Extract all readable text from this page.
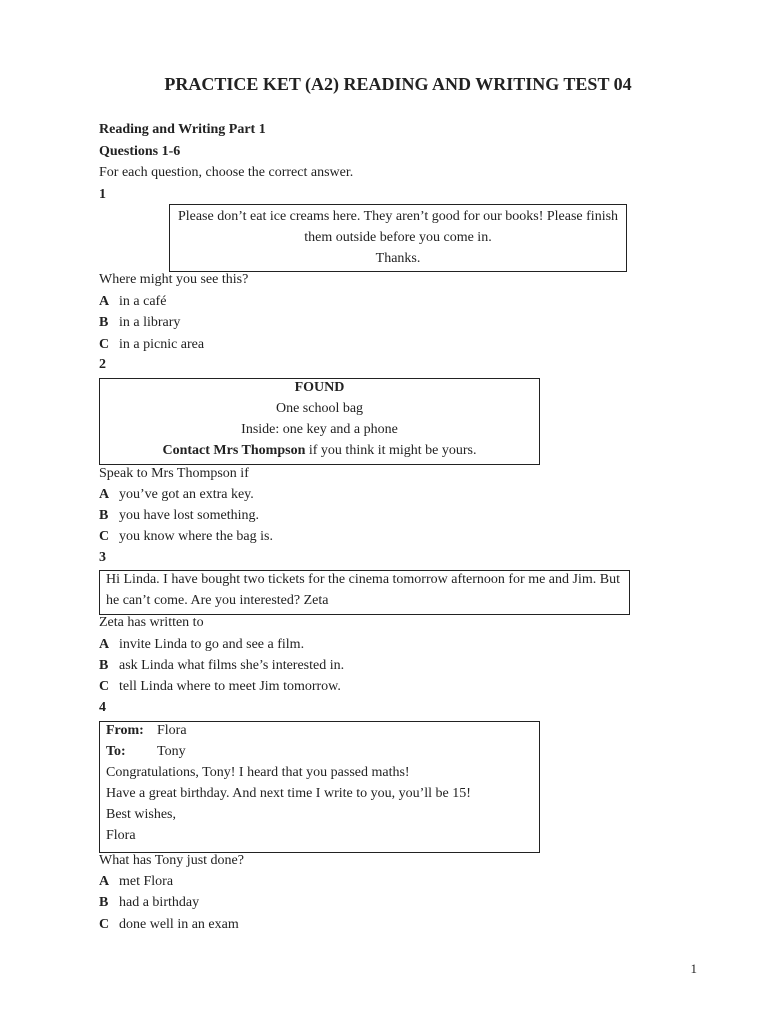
PRACTICE KET (A2) READING AND WRITING TEST 04
Reading and Writing Part 1
Questions 1-6
For each question, choose the correct answer.
1
Please don’t eat ice creams here. They aren’t good for our books! Please finish
them outside before you come in.
Thanks.
Where might you see this?
A in a café
B in a library
C in a picnic area
2
FOUND
One school bag
Inside: one key and a phone
Contact Mrs Thompson if you think it might be yours.
Speak to Mrs Thompson if
A you’ve got an extra key.
B you have lost something.
C you know where the bag is.
3
Hi Linda. I have bought two tickets for the cinema tomorrow afternoon for me and Jim. But
he can’t come. Are you interested? Zeta
Zeta has written to
A invite Linda to go and see a film.
B ask Linda what films she’s interested in.
C tell Linda where to meet Jim tomorrow.
4
From: Flora
To: Tony
Congratulations, Tony! I heard that you passed maths!
Have a great birthday. And next time I write to you, you’ll be 15!
Best wishes,
Flora
What has Tony just done?
A met Flora
B had a birthday
C done well in an exam
1
